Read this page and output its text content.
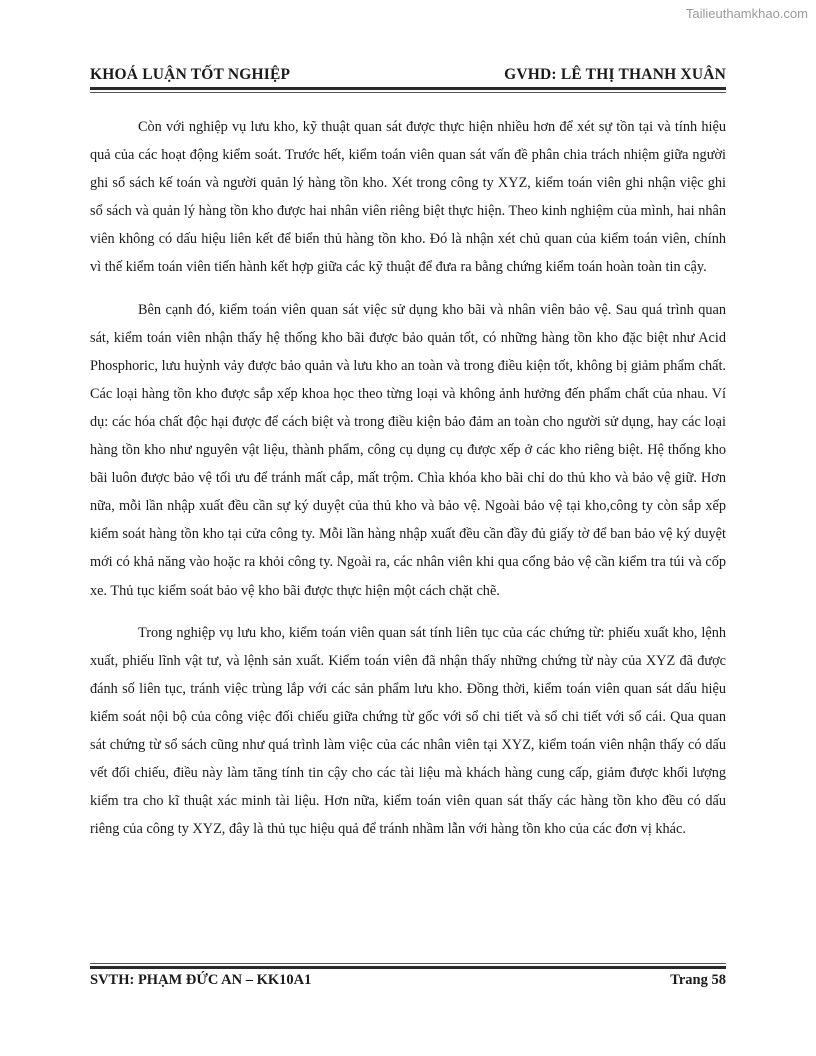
Tailieuthamkhao.com
KHOÁ LUẬN TỐT NGHIỆP	GVHD: LÊ THỊ THANH XUÂN

Còn với nghiệp vụ lưu kho, kỹ thuật quan sát được thực hiện nhiều hơn để xét sự tồn tại và tính hiệu quả của các hoạt động kiểm soát. Trước hết, kiểm toán viên quan sát vấn đề phân chia trách nhiệm giữa người ghi sổ sách kế toán và người quản lý hàng tồn kho. Xét trong công ty XYZ, kiểm toán viên ghi nhận việc ghi sổ sách và quản lý hàng tồn kho được hai nhân viên riêng biệt thực hiện. Theo kinh nghiệm của mình, hai nhân viên không có dấu hiệu liên kết để biển thủ hàng tồn kho. Đó là nhận xét chủ quan của kiểm toán viên, chính vì thế kiểm toán viên tiến hành kết hợp giữa các kỹ thuật để đưa ra bằng chứng kiểm toán hoàn toàn tin cậy.

Bên cạnh đó, kiểm toán viên quan sát việc sử dụng kho bãi và nhân viên bảo vệ. Sau quá trình quan sát, kiểm toán viên nhận thấy hệ thống kho bãi được bảo quản tốt, có những hàng tồn kho đặc biệt như Acid Phosphoric, lưu huỳnh vảy được bảo quản và lưu kho an toàn và trong điều kiện tốt, không bị giảm phẩm chất. Các loại hàng tồn kho được sắp xếp khoa học theo từng loại và không ảnh hưởng đến phẩm chất của nhau. Ví dụ: các hóa chất độc hại được để cách biệt và trong điều kiện bảo đảm an toàn cho người sử dụng, hay các loại hàng tồn kho như nguyên vật liệu, thành phẩm, công cụ dụng cụ được xếp ở các kho riêng biệt. Hệ thống kho bãi luôn được bảo vệ tối ưu để tránh mất cắp, mất trộm. Chìa khóa kho bãi chỉ do thủ kho và bảo vệ giữ. Hơn nữa, mỗi lần nhập xuất đều cần sự ký duyệt của thủ kho và bảo vệ. Ngoài bảo vệ tại kho,công ty còn sắp xếp kiểm soát hàng tồn kho tại cửa công ty. Mỗi lần hàng nhập xuất đều cần đầy đủ giấy tờ để ban bảo vệ ký duyệt mới có khả năng vào hoặc ra khỏi công ty. Ngoài ra, các nhân viên khi qua cổng bảo vệ cần kiểm tra túi và cốp xe. Thủ tục kiểm soát bảo vệ kho bãi được thực hiện một cách chặt chẽ.

Trong nghiệp vụ lưu kho, kiểm toán viên quan sát tính liên tục của các chứng từ: phiếu xuất kho, lệnh xuất, phiếu lĩnh vật tư, và lệnh sản xuất. Kiểm toán viên đã nhận thấy những chứng từ này của XYZ đã được đánh số liên tục, tránh việc trùng lắp với các sản phẩm lưu kho. Đồng thời, kiểm toán viên quan sát dấu hiệu kiểm soát nội bộ của công việc đối chiếu giữa chứng từ gốc với sổ chi tiết và sổ chi tiết với sổ cái. Qua quan sát chứng từ sổ sách cũng như quá trình làm việc của các nhân viên tại XYZ, kiểm toán viên nhận thấy có dấu vết đối chiếu, điều này làm tăng tính tin cậy cho các tài liệu mà khách hàng cung cấp, giảm được khối lượng kiểm tra cho kĩ thuật xác minh tài liệu. Hơn nữa, kiểm toán viên quan sát thấy các hàng tồn kho đều có dấu riêng của công ty XYZ, đây là thủ tục hiệu quả để tránh nhầm lẫn với hàng tồn kho của các đơn vị khác.

SVTH: PHẠM ĐỨC AN – KK10A1	Trang 58
